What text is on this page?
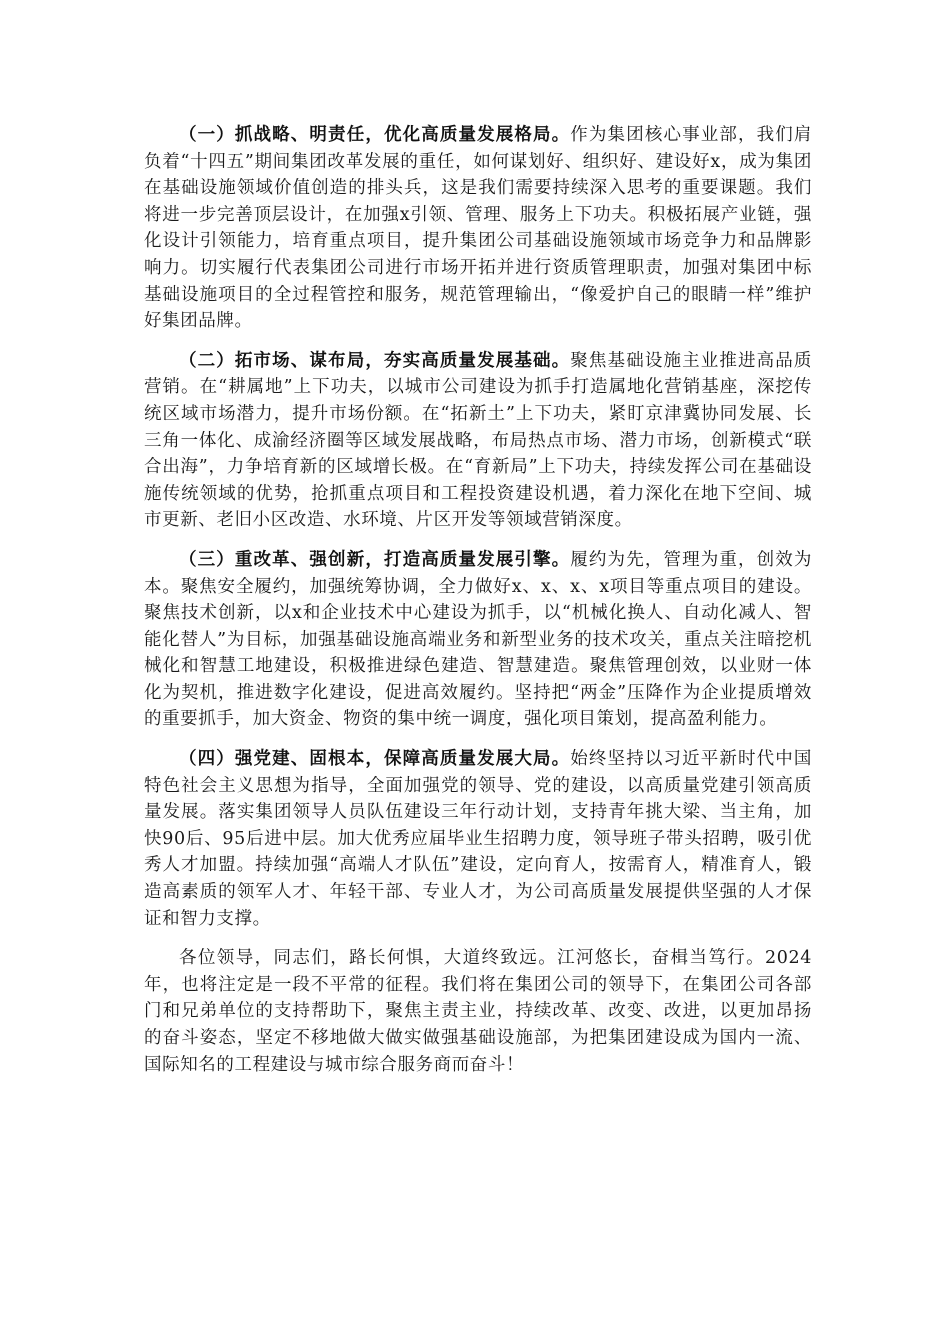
（一）抓战略、明责任，优化高质量发展格局。作为集团核心事业部，我们肩负着“十四五”期间集团改革发展的重任，如何谋划好、组织好、建设好x，成为集团在基础设施领域价值创造的排头兵，这是我们需要持续深入思考的重要课题。我们将进一步完善顶层设计，在加强x引领、管理、服务上下功夫。积极拓展产业链，强化设计引领能力，培育重点项目，提升集团公司基础设施领域市场竞争力和品牌影响力。切实履行代表集团公司进行市场开拓并进行资质管理职责，加强对集团中标基础设施项目的全过程管控和服务，规范管理输出，“像爱护自己的眼睛一样”维护好集团品牌。

（二）拓市场、谋布局，夯实高质量发展基础。聚焦基础设施主业推进高品质营销。在“耕属地”上下功夫，以城市公司建设为抓手打造属地化营销基座，深挖传统区域市场潜力，提升市场份额。在“拓新土”上下功夫，紧盯京津冀协同发展、长三角一体化、成渝经济圈等区域发展战略，布局热点市场、潜力市场，创新模式“联合出海”，力争培育新的区域增长极。在“育新局”上下功夫，持续发挥公司在基础设施传统领域的优势，抢抓重点项目和工程投资建设机遇，着力深化在地下空间、城市更新、老旧小区改造、水环境、片区开发等领域营销深度。

（三）重改革、强创新，打造高质量发展引擎。履约为先，管理为重，创效为本。聚焦安全履约，加强统筹协调，全力做好x、x、x、x项目等重点项目的建设。聚焦技术创新，以x和企业技术中心建设为抓手，以“机械化换人、自动化减人、智能化替人”为目标，加强基础设施高端业务和新型业务的技术攻关，重点关注暗挖机械化和智慧工地建设，积极推进绿色建造、智慧建造。聚焦管理创效，以业财一体化为契机，推进数字化建设，促进高效履约。坚持把“两金”压降作为企业提质增效的重要抓手，加大资金、物资的集中统一调度，强化项目策划，提高盈利能力。

（四）强党建、固根本，保障高质量发展大局。始终坚持以习近平新时代中国特色社会主义思想为指导，全面加强党的领导、党的建设，以高质量党建引领高质量发展。落实集团领导人员队伍建设三年行动计划，支持青年挑大梁、当主角，加快90后、95后进中层。加大优秀应届毕业生招聘力度，领导班子带头招聘，吸引优秀人才加盟。持续加强“高端人才队伍”建设，定向育人，按需育人，精准育人，锻造高素质的领军人才、年轻干部、专业人才，为公司高质量发展提供坚强的人才保证和智力支撑。

各位领导，同志们，路长何惧，大道终致远。江河悠长，奋楫当笃行。2024年，也将注定是一段不平常的征程。我们将在集团公司的领导下，在集团公司各部门和兄弟单位的支持帮助下，聚焦主责主业，持续改革、改变、改进，以更加昂扬的奋斗姿态，坚定不移地做大做实做强基础设施部，为把集团建设成为国内一流、国际知名的工程建设与城市综合服务商而奋斗！
